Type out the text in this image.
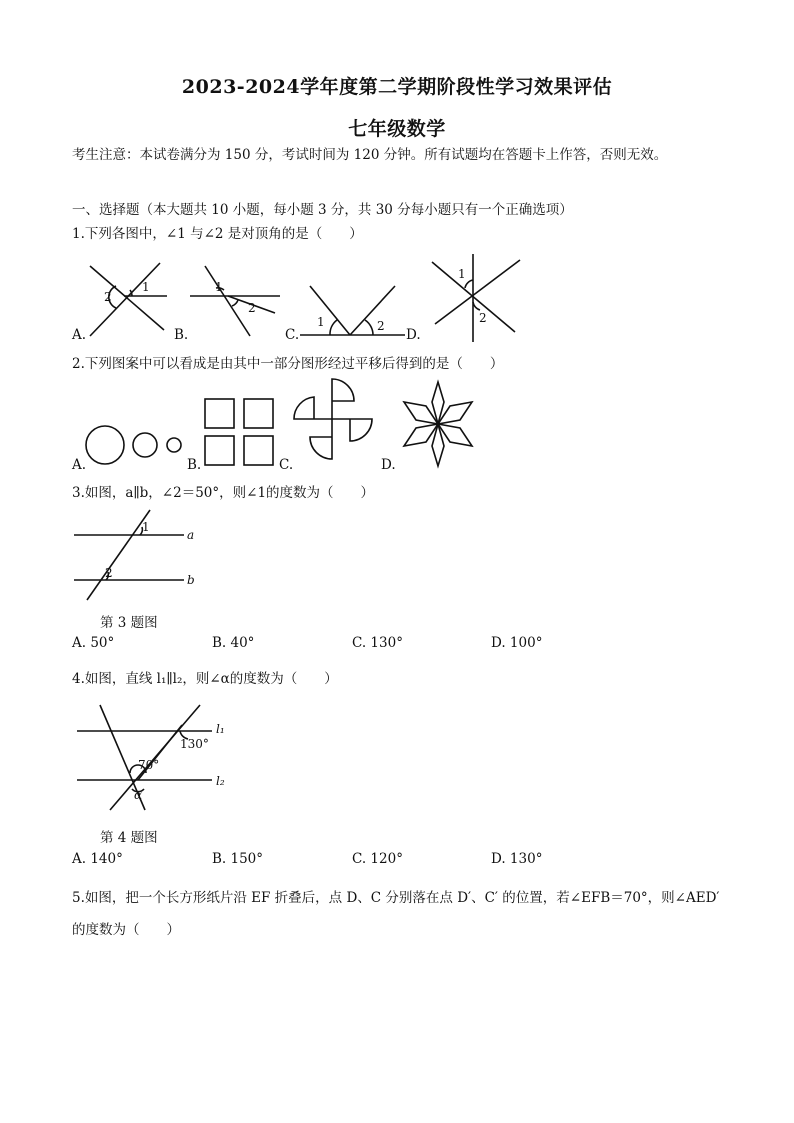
2023-2024学年度第二学期阶段性学习效果评估
七年级数学
考生注意：本试卷满分为 150 分，考试时间为 120 分钟。所有试题均在答题卡上作答，否则无效。
一、选择题（本大题共 10 小题，每小题 3 分，共 30 分每小题只有一个正确选项）
1.下列各图中，∠1 与∠2 是对顶角的是（　　）
2
1
A.
1
2
B.
1	2
C.
1
2
D.
2.下列图案中可以看成是由其中一部分图形经过平移后得到的是（　　）
A.	B.	C.	D.
3.如图，a∥b，∠2＝50°，则∠1的度数为（　　）
1
2
a
b
第 3 题图
A. 50°	B. 40°	C. 130°	D. 100°
4.如图，直线 l₁∥l₂，则∠α的度数为（　　）
130°
70°
α
l₁
l₂
第 4 题图
A. 140°	B. 150°	C. 120°	D. 130°
5.如图，把一个长方形纸片沿 EF 折叠后，点 D、C 分别落在点 D′、C′ 的位置，若∠EFB＝70°，则∠AED′
的度数为（　　）
